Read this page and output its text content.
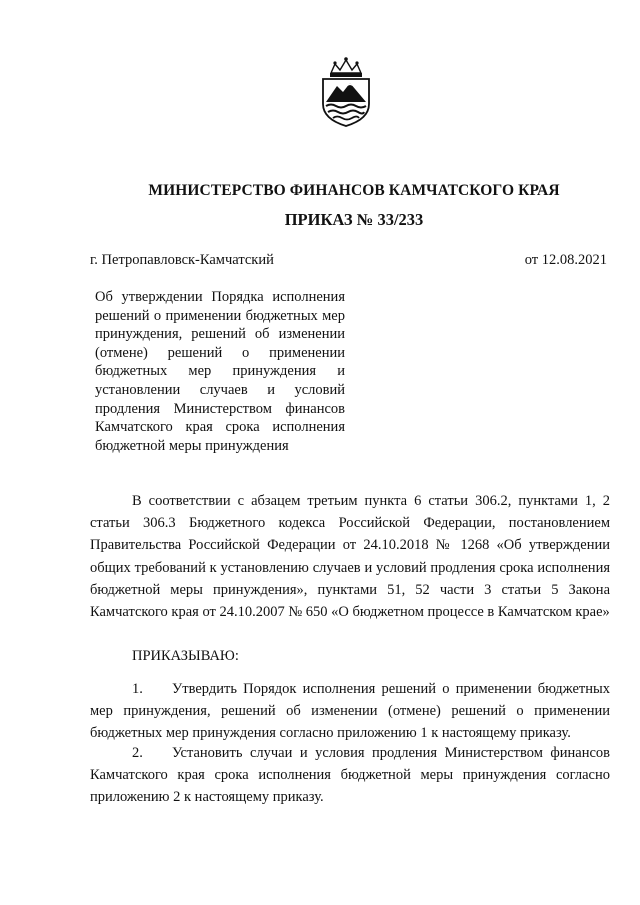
МИНИСТЕРСТВО ФИНАНСОВ КАМЧАТСКОГО КРАЯ
ПРИКАЗ № 33/233
г. Петропавловск-Камчатский	от 12.08.2021
Об утверждении Порядка исполнения решений о применении бюджетных мер принуждения, решений об изменении (отмене) решений о применении бюджетных мер принуждения и установлении случаев и условий продления Министерством финансов Камчатского края срока исполнения бюджетной меры принуждения
В соответствии с абзацем третьим пункта 6 статьи 306.2, пунктами 1, 2 статьи 306.3 Бюджетного кодекса Российской Федерации, постановлением Правительства Российской Федерации от 24.10.2018 № 1268 «Об утверждении общих требований к установлению случаев и условий продления срока исполнения бюджетной меры принуждения», пунктами 51, 52 части 3 статьи 5 Закона Камчатского края от 24.10.2007 № 650 «О бюджетном процессе в Камчатском крае»
ПРИКАЗЫВАЮ:
1. Утвердить Порядок исполнения решений о применении бюджетных мер принуждения, решений об изменении (отмене) решений о применении бюджетных мер принуждения согласно приложению 1 к настоящему приказу.
2. Установить случаи и условия продления Министерством финансов Камчатского края срока исполнения бюджетной меры принуждения согласно приложению 2 к настоящему приказу.
